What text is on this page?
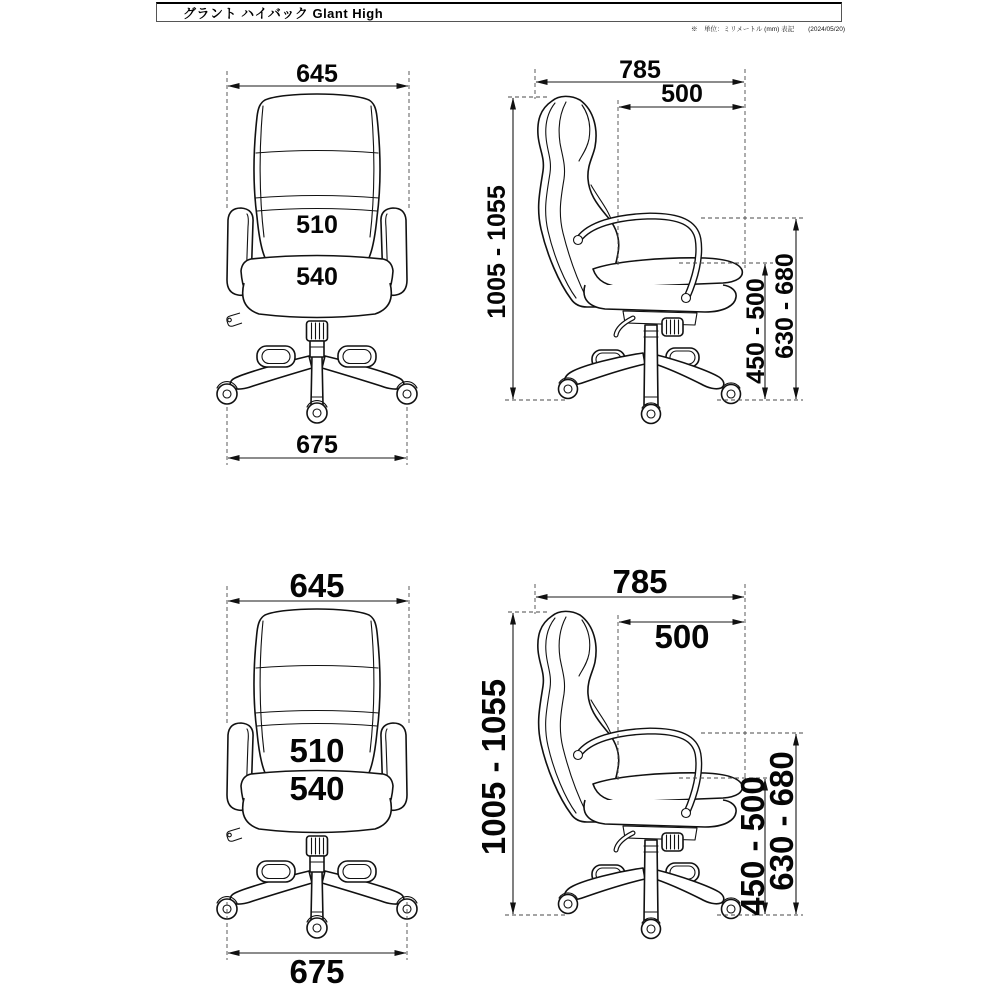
グラント ハイバック Glant High
※　単位：ミリメートル (mm) 表記 (2024/05/20)
645
510
540
675
785
500
1005 - 1055
450 - 500 630 - 680
645
510
540
675
785
500
1005 - 1055	450 - 500
630 - 680
